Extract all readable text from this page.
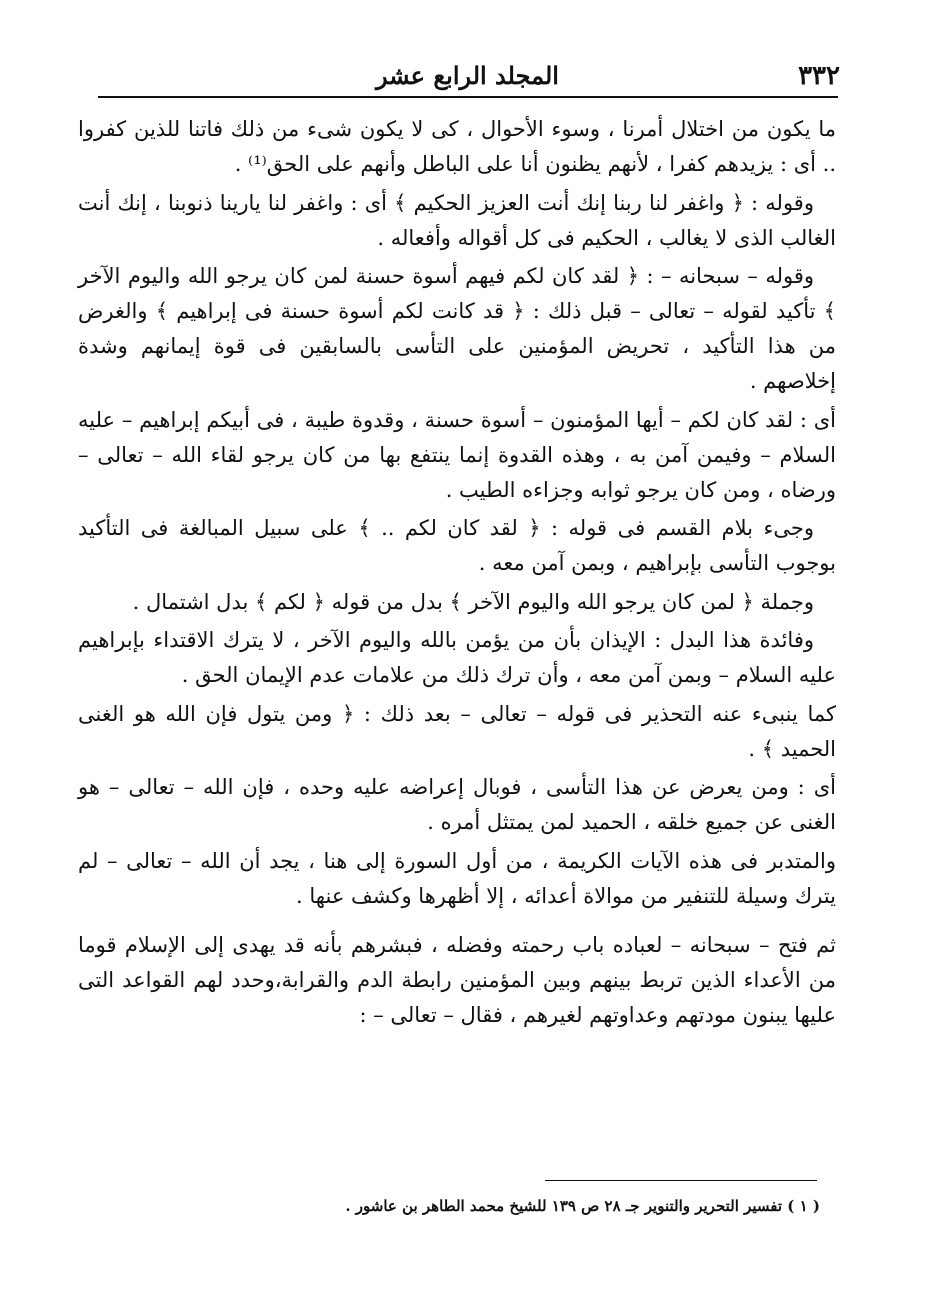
٣٣٢
المجلد الرابع عشر

ما يكون من اختلال أمرنا ، وسوء الأحوال ، كى لا يكون شىء من ذلك فاتنا للذين كفروا .. أى : يزيدهم كفرا ، لأنهم يظنون أنا على الباطل وأنهم على الحق⁽¹⁾ .

وقوله : ﴿ واغفر لنا ربنا إنك أنت العزيز الحكيم ﴾ أى : واغفر لنا يارينا ذنوبنا ، إنك أنت الغالب الذى لا يغالب ، الحكيم فى كل أقواله وأفعاله .

وقوله – سبحانه – : ﴿ لقد كان لكم فيهم أسوة حسنة لمن كان يرجو الله واليوم الآخر ﴾ تأكيد لقوله – تعالى – قبل ذلك : ﴿ قد كانت لكم أسوة حسنة فى إبراهيم ﴾ والغرض من هذا التأكيد ، تحريض المؤمنين على التأسى بالسابقين فى قوة إيمانهم وشدة إخلاصهم .

أى : لقد كان لكم – أيها المؤمنون – أسوة حسنة ، وقدوة طيبة ، فى أبيكم إبراهيم – عليه السلام – وفيمن آمن به ، وهذه القدوة إنما ينتفع بها من كان يرجو لقاء الله – تعالى – ورضاه ، ومن كان يرجو ثوابه وجزاءه الطيب .

وجىء بلام القسم فى قوله : ﴿ لقد كان لكم .. ﴾ على سبيل المبالغة فى التأكيد بوجوب التأسى بإبراهيم ، وبمن آمن معه .

وجملة ﴿ لمن كان يرجو الله واليوم الآخر ﴾ بدل من قوله ﴿ لكم ﴾ بدل اشتمال .

وفائدة هذا البدل : الإيذان بأن من يؤمن بالله واليوم الآخر ، لا يترك الاقتداء بإبراهيم عليه السلام – وبمن آمن معه ، وأن ترك ذلك من علامات عدم الإيمان الحق .

كما ينبىء عنه التحذير فى قوله – تعالى – بعد ذلك : ﴿ ومن يتول فإن الله هو الغنى الحميد ﴾ .

أى : ومن يعرض عن هذا التأسى ، فوبال إعراضه عليه وحده ، فإن الله – تعالى – هو الغنى عن جميع خلقه ، الحميد لمن يمتثل أمره .

والمتدبر فى هذه الآيات الكريمة ، من أول السورة إلى هنا ، يجد أن الله – تعالى – لم يترك وسيلة للتنفير من موالاة أعدائه ، إلا أظهرها وكشف عنها .

ثم فتح – سبحانه – لعباده باب رحمته وفضله ، فبشرهم بأنه قد يهدى إلى الإسلام قوما من الأعداء الذين تربط بينهم وبين المؤمنين رابطة الدم والقرابة،وحدد لهم القواعد التى عليها يبنون مودتهم وعداوتهم لغيرهم ، فقال – تعالى – :

( ١ ) تفسير التحرير والتنوير جـ ٢٨ ص ١٣٩ للشيخ محمد الطاهر بن عاشور .
